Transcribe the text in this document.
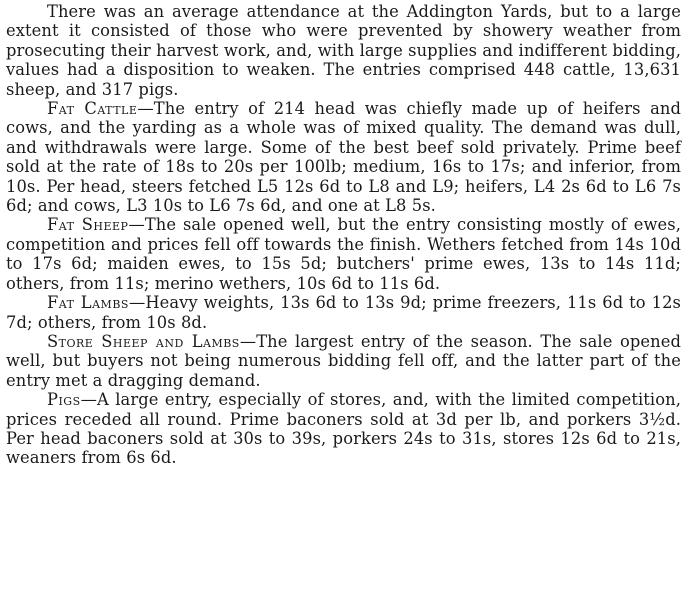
There was an average attendance at the Addington Yards, but to a large extent it consisted of those who were prevented by showery weather from prosecuting their harvest work, and, with large supplies and indifferent bidding, values had a disposition to weaken. The entries comprised 448 cattle, 13,631 sheep, and 317 pigs.

Fat Cattle—The entry of 214 head was chiefly made up of heifers and cows, and the yarding as a whole was of mixed quality. The demand was dull, and withdrawals were large. Some of the best beef sold privately. Prime beef sold at the rate of 18s to 20s per 100lb; medium, 16s to 17s; and inferior, from 10s. Per head, steers fetched L5 12s 6d to L8 and L9; heifers, L4 2s 6d to L6 7s 6d; and cows, L3 10s to L6 7s 6d, and one at L8 5s.

Fat Sheep—The sale opened well, but the entry consisting mostly of ewes, competition and prices fell off towards the finish. Wethers fetched from 14s 10d to 17s 6d; maiden ewes, to 15s 5d; butchers' prime ewes, 13s to 14s 11d; others, from 11s; merino wethers, 10s 6d to 11s 6d.

Fat Lambs—Heavy weights, 13s 6d to 13s 9d; prime freezers, 11s 6d to 12s 7d; others, from 10s 8d.

Store Sheep and Lambs—The largest entry of the season. The sale opened well, but buyers not being numerous bidding fell off, and the latter part of the entry met a dragging demand.

Pigs—A large entry, especially of stores, and, with the limited competition, prices receded all round. Prime baconers sold at 3d per lb, and porkers 3½d. Per head baconers sold at 30s to 39s, porkers 24s to 31s, stores 12s 6d to 21s, weaners from 6s 6d.
